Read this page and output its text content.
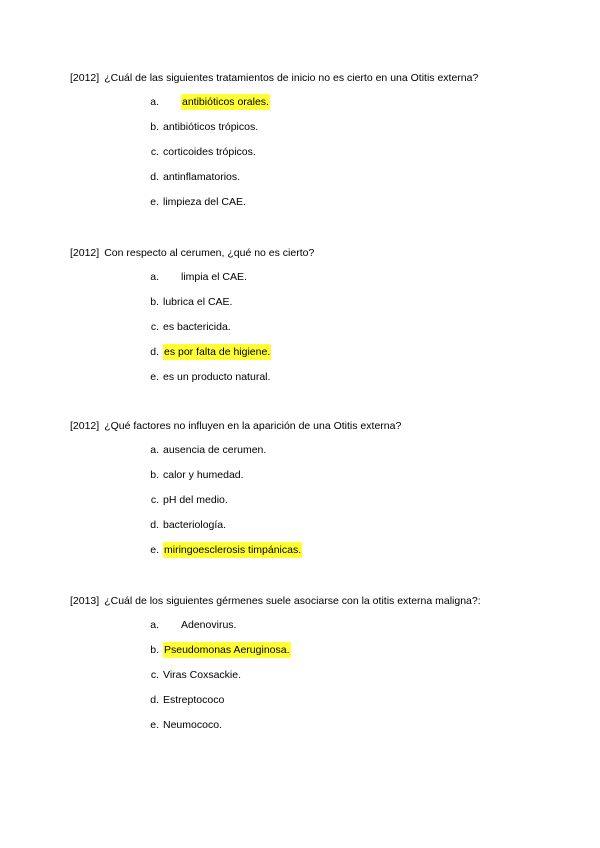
[2012] ¿Cuál de las siguientes tratamientos de inicio no es cierto en una Otitis externa?
a. antibióticos orales.
b. antibióticos trópicos.
c. corticoides trópicos.
d. antinflamatorios.
e. limpieza del CAE.
[2012] Con respecto al cerumen, ¿qué no es cierto?
a. limpia el CAE.
b. lubrica el CAE.
c. es bactericida.
d. es por falta de higiene.
e. es un producto natural.
[2012] ¿Qué factores no influyen en la aparición de una Otitis externa?
a. ausencia de cerumen.
b. calor y humedad.
c. pH del medio.
d. bacteriología.
e. miringoesclerosis timpánicas.
[2013] ¿Cuál de los siguientes gérmenes suele asociarse con la otitis externa maligna?:
a. Adenovirus.
b. Pseudomonas Aeruginosa.
c. Viras Coxsackie.
d. Estreptococo
e. Neumococo.
